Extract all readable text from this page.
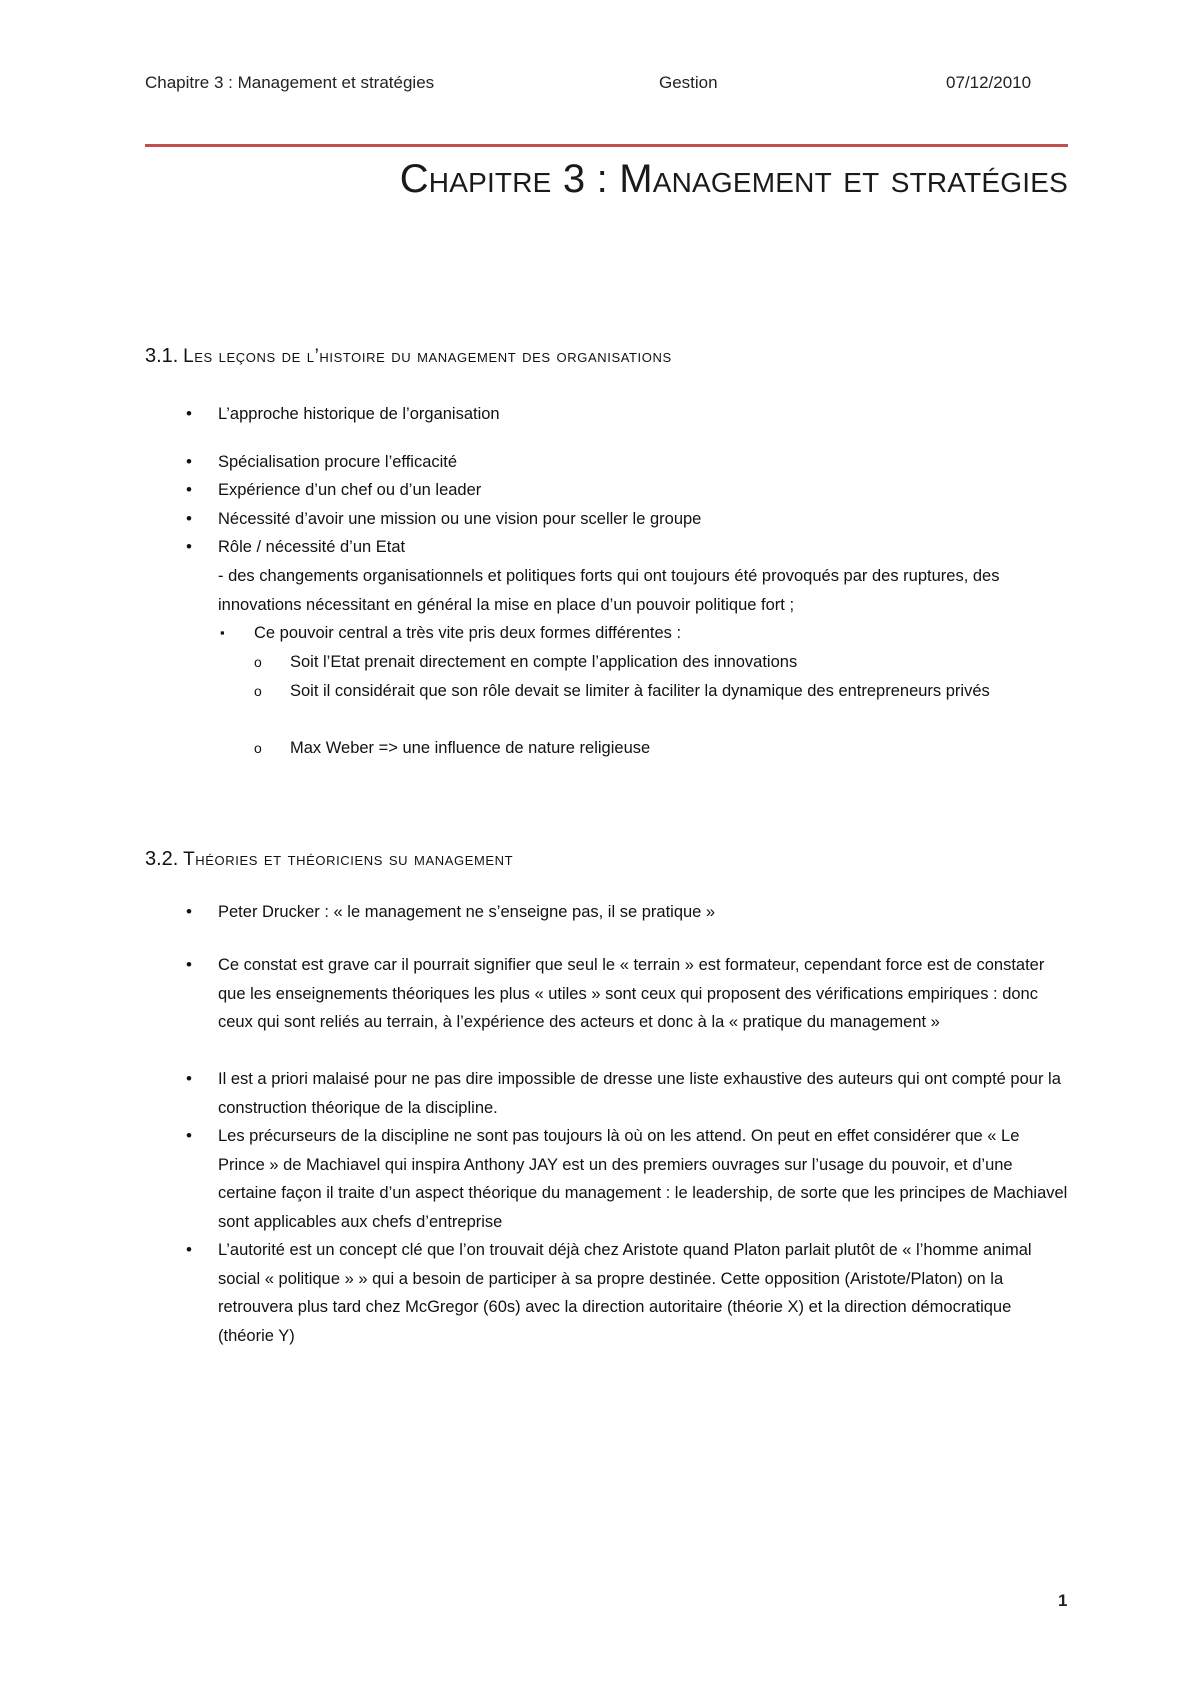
Chapitre 3 : Management et stratégies	Gestion	07/12/2010
Chapitre 3 : Management et stratégies
3.1. Les leçons de l’histoire du management des organisations
• L’approche historique de l’organisation
• Spécialisation procure l’efficacité
• Expérience d’un chef ou d’un leader
• Nécessité d’avoir une mission ou une vision pour sceller le groupe
• Rôle / nécessité d’un Etat
- des changements organisationnels et politiques forts qui ont toujours été provoqués par des ruptures, des innovations nécessitant en général la mise en place d’un pouvoir politique fort ;
▪ Ce pouvoir central a très vite pris deux formes différentes :
o Soit l’Etat prenait directement en compte l’application des innovations
o Soit il considérait que son rôle devait se limiter à faciliter la dynamique des entrepreneurs privés
o Max Weber => une influence de nature religieuse
3.2. Théories et théoriciens su management
• Peter Drucker : « le management ne s’enseigne pas, il se pratique »
• Ce constat est grave car il pourrait signifier que seul le « terrain » est formateur, cependant force est de constater que les enseignements théoriques les plus « utiles » sont ceux qui proposent des vérifications empiriques : donc ceux qui sont reliés au terrain, à l’expérience des acteurs et donc à la « pratique du management »
• Il est a priori malaisé pour ne pas dire impossible de dresse une liste exhaustive des auteurs qui ont compté pour la construction théorique de la discipline.
• Les précurseurs de la discipline ne sont pas toujours là où on les attend. On peut en effet considérer que « Le Prince » de Machiavel qui inspira Anthony JAY est un des premiers ouvrages sur l’usage du pouvoir, et d’une certaine façon il traite d’un aspect théorique du management : le leadership, de sorte que les principes de Machiavel sont applicables aux chefs d’entreprise
• L’autorité est un concept clé que l’on trouvait déjà chez Aristote quand Platon parlait plutôt de « l’homme animal social « politique » » qui a besoin de participer à sa propre destinée. Cette opposition (Aristote/Platon) on la retrouvera plus tard chez McGregor (60s) avec la direction autoritaire (théorie X) et la direction démocratique (théorie Y)
1
